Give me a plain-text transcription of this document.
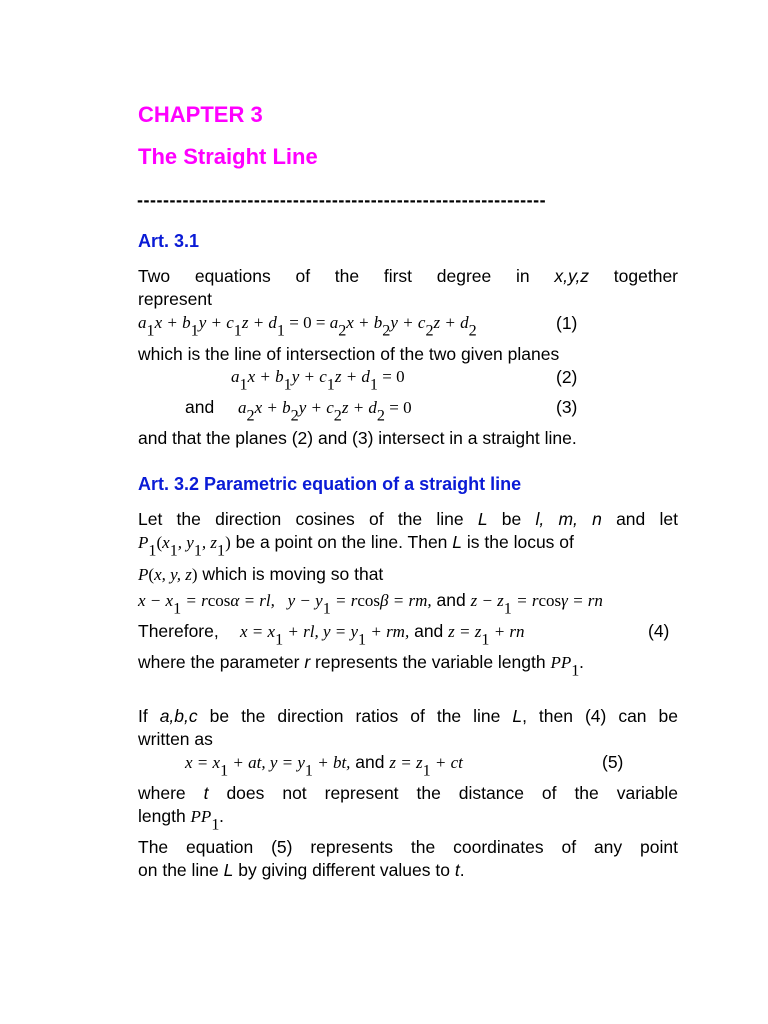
CHAPTER 3
The Straight Line
---------------------------------------------------------------
Art. 3.1
Two equations of the first degree in x,y,z together
represent
$a_1x + b_1y + c_1z + d_1 = 0 = a_2x + b_2y + c_2z + d_2$	(1)
which is the line of intersection of the two given planes
$a_1x + b_1y + c_1z + d_1 = 0$	(2)
and $a_2x + b_2y + c_2z + d_2 = 0$	(3)
and that the planes (2) and (3) intersect in a straight line.
Art. 3.2 Parametric equation of a straight line
Let the direction cosines of the line L be l, m, n and let
$P_1(x_1$, $y_1$, $z_1$) be a point on the line. Then L is the locus of
P(x, y, z) which is moving so that
$x - x_1 = rcos\alpha$ = rl,   $y - y_1 = rcos\beta$ = rm, and $z - z_1 = rcos\gamma$ = rn
Therefore, $x = x_1$ + rl, $y = y_1$ + rm, and $z = z_1$ + rn	(4)
where the parameter r represents the variable length $PP_1$.
If a,b,c be the direction ratios of the line L, then (4) can be
written as
$x = x_1$ + at, $y = y_1$ + bt, and $z = z_1$ + ct	(5)
where t does not represent the distance of the variable
length $PP_1$.
The equation (5) represents the coordinates of any point
on the line L by giving different values to t.
